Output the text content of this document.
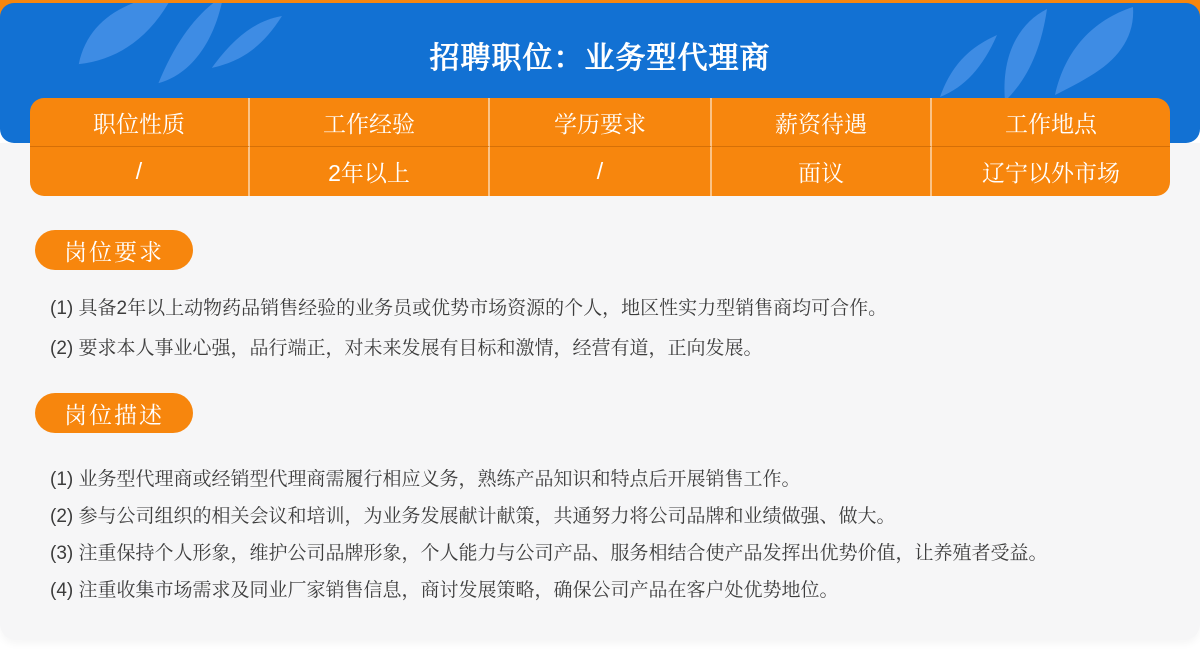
招聘职位：业务型代理商
职位性质	工作经验	学历要求	薪资待遇	工作地点
/	2年以上	/	面议	辽宁以外市场
岗位要求
(1) 具备2年以上动物药品销售经验的业务员或优势市场资源的个人，地区性实力型销售商均可合作。
(2) 要求本人事业心强，品行端正，对未来发展有目标和激情，经营有道，正向发展。
岗位描述
(1) 业务型代理商或经销型代理商需履行相应义务，熟练产品知识和特点后开展销售工作。
(2) 参与公司组织的相关会议和培训，为业务发展献计献策，共通努力将公司品牌和业绩做强、做大。
(3) 注重保持个人形象，维护公司品牌形象，个人能力与公司产品、服务相结合使产品发挥出优势价值，让养殖者受益。
(4) 注重收集市场需求及同业厂家销售信息，商讨发展策略，确保公司产品在客户处优势地位。
